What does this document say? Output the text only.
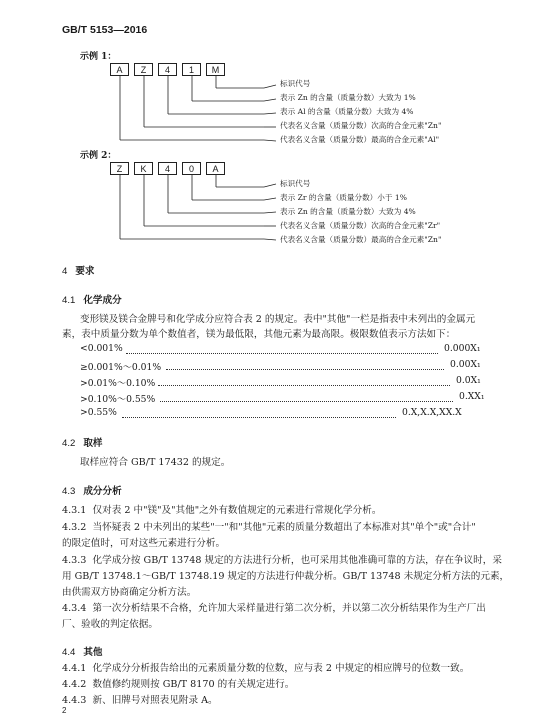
GB/T 5153—2016
示例 1：
A	Z	4	1	M
标识代号
表示 Zn 的含量（质量分数）大致为 1%
表示 Al 的含量（质量分数）大致为 4%
代表名义含量（质量分数）次高的合金元素"Zn"
代表名义含量（质量分数）最高的合金元素"Al"
示例 2：
Z	K	4	0	A
标识代号
表示 Zr 的含量（质量分数）小于 1%
表示 Zn 的含量（质量分数）大致为 4%
代表名义含量（质量分数）次高的合金元素"Zr"
代表名义含量（质量分数）最高的合金元素"Zn"
4 要求
4.1 化学成分
变形镁及镁合金牌号和化学成分应符合表 2 的规定。表中"其他"一栏是指表中未列出的金属元
素，表中质量分数为单个数值者，镁为最低限，其他元素为最高限。极限数值表示方法如下：
<0.001%	0.000X₁
≥0.001%～0.01%	0.00X₁
>0.01%～0.10%	0.0X₁
>0.10%～0.55%	0.XX₁
>0.55%	0.X,X.X,XX.X
4.2 取样
取样应符合 GB/T 17432 的规定。
4.3 成分分析
4.3.1 仅对表 2 中"镁"及"其他"之外有数值规定的元素进行常规化学分析。
4.3.2 当怀疑表 2 中未列出的某些"一"和"其他"元素的质量分数超出了本标准对其"单个"或"合计"
的限定值时，可对这些元素进行分析。
4.3.3 化学成分按 GB/T 13748 规定的方法进行分析，也可采用其他准确可靠的方法，存在争议时，采
用 GB/T 13748.1～GB/T 13748.19 规定的方法进行仲裁分析。GB/T 13748 未规定分析方法的元素，
由供需双方协商确定分析方法。
4.3.4 第一次分析结果不合格，允许加大采样量进行第二次分析，并以第二次分析结果作为生产厂出
厂、验收的判定依据。
4.4 其他
4.4.1 化学成分分析报告给出的元素质量分数的位数，应与表 2 中规定的相应牌号的位数一致。
4.4.2 数值修约规则按 GB/T 8170 的有关规定进行。
4.4.3 新、旧牌号对照表见附录 A。
2
